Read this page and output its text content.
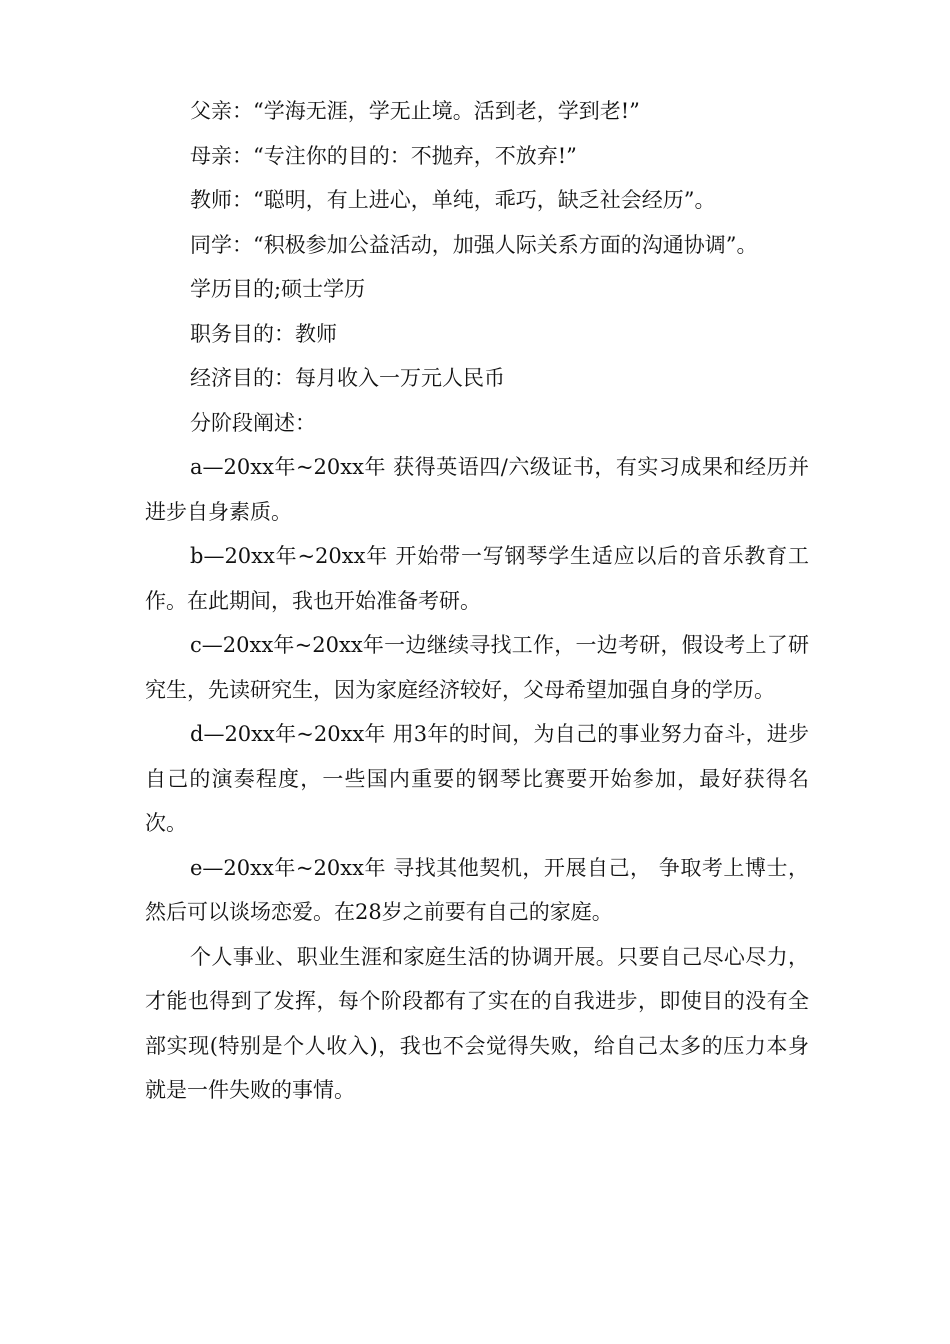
父亲：“学海无涯，学无止境。活到老，学到老!”

母亲：“专注你的目的：不抛弃，不放弃!”

教师：“聪明，有上进心，单纯，乖巧，缺乏社会经历”。

同学：“积极参加公益活动，加强人际关系方面的沟通协调”。

学历目的;硕士学历

职务目的：教师

经济目的：每月收入一万元人民币

分阶段阐述：

a—20xx年~20xx年 获得英语四/六级证书，有实习成果和经历并进步自身素质。

b—20xx年~20xx年 开始带一写钢琴学生适应以后的音乐教育工作。在此期间，我也开始准备考研。

c—20xx年~20xx年一边继续寻找工作，一边考研，假设考上了研究生，先读研究生，因为家庭经济较好，父母希望加强自身的学历。

d—20xx年~20xx年 用3年的时间，为自己的事业努力奋斗，进步自己的演奏程度，一些国内重要的钢琴比赛要开始参加，最好获得名次。

e—20xx年~20xx年 寻找其他契机，开展自己， 争取考上博士，然后可以谈场恋爱。在28岁之前要有自己的家庭。

个人事业、职业生涯和家庭生活的协调开展。只要自己尽心尽力，才能也得到了发挥，每个阶段都有了实在的自我进步，即使目的没有全部实现(特别是个人收入)，我也不会觉得失败，给自己太多的压力本身就是一件失败的事情。
